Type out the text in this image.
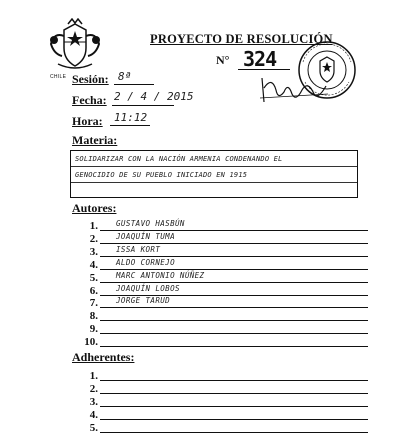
CHILE
PROYECTO DE RESOLUCIÓN
N° 324
Sesión: 8ª
Fecha: 2 / 4 / 2015
Hora: 11:12
Materia:
SOLIDARIZAR CON LA NACIÓN ARMENIA CONDENANDO EL
GENOCIDIO DE SU PUEBLO INICIADO EN 1915
Autores:
1. GUSTAVO HASBÚN
2. JOAQUÍN TUMA
3. ISSA KORT
4. ALDO CORNEJO
5. MARC ANTONIO NÚÑEZ
6. JOAQUÍN LOBOS
7. JORGE TARUD
8.
9.
10.
Adherentes:
1.
2.
3.
4.
5.
